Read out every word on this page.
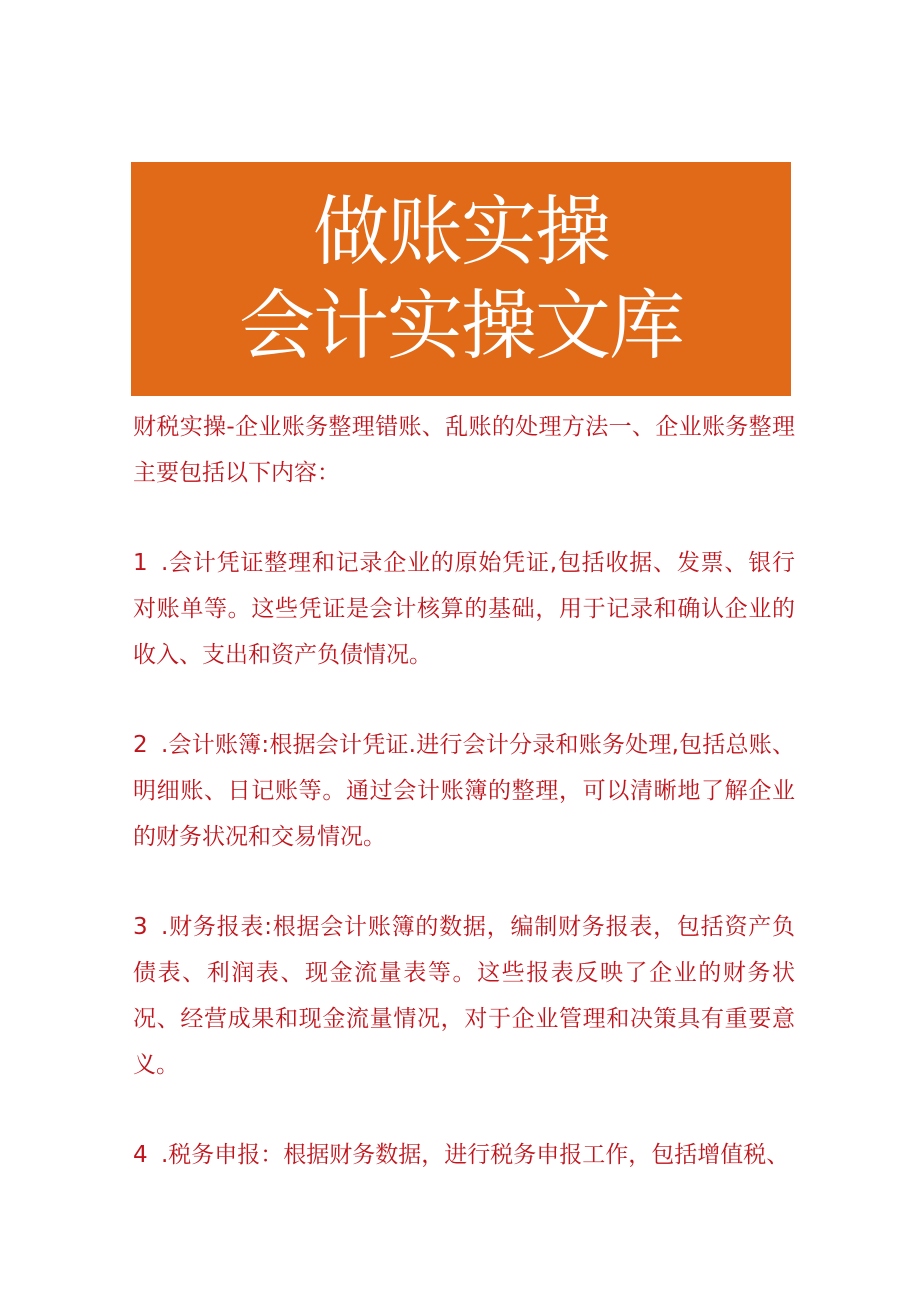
做账实操
会计实操文库

财税实操-企业账务整理错账、乱账的处理方法一、企业账务整理主要包括以下内容：

1 .会计凭证整理和记录企业的原始凭证,包括收据、发票、银行对账单等。这些凭证是会计核算的基础，用于记录和确认企业的收入、支出和资产负债情况。

2 .会计账簿:根据会计凭证.进行会计分录和账务处理,包括总账、明细账、日记账等。通过会计账簿的整理，可以清晰地了解企业的财务状况和交易情况。

3 .财务报表:根据会计账簿的数据，编制财务报表，包括资产负债表、利润表、现金流量表等。这些报表反映了企业的财务状况、经营成果和现金流量情况，对于企业管理和决策具有重要意义。

4 .税务申报：根据财务数据，进行税务申报工作，包括增值税、
